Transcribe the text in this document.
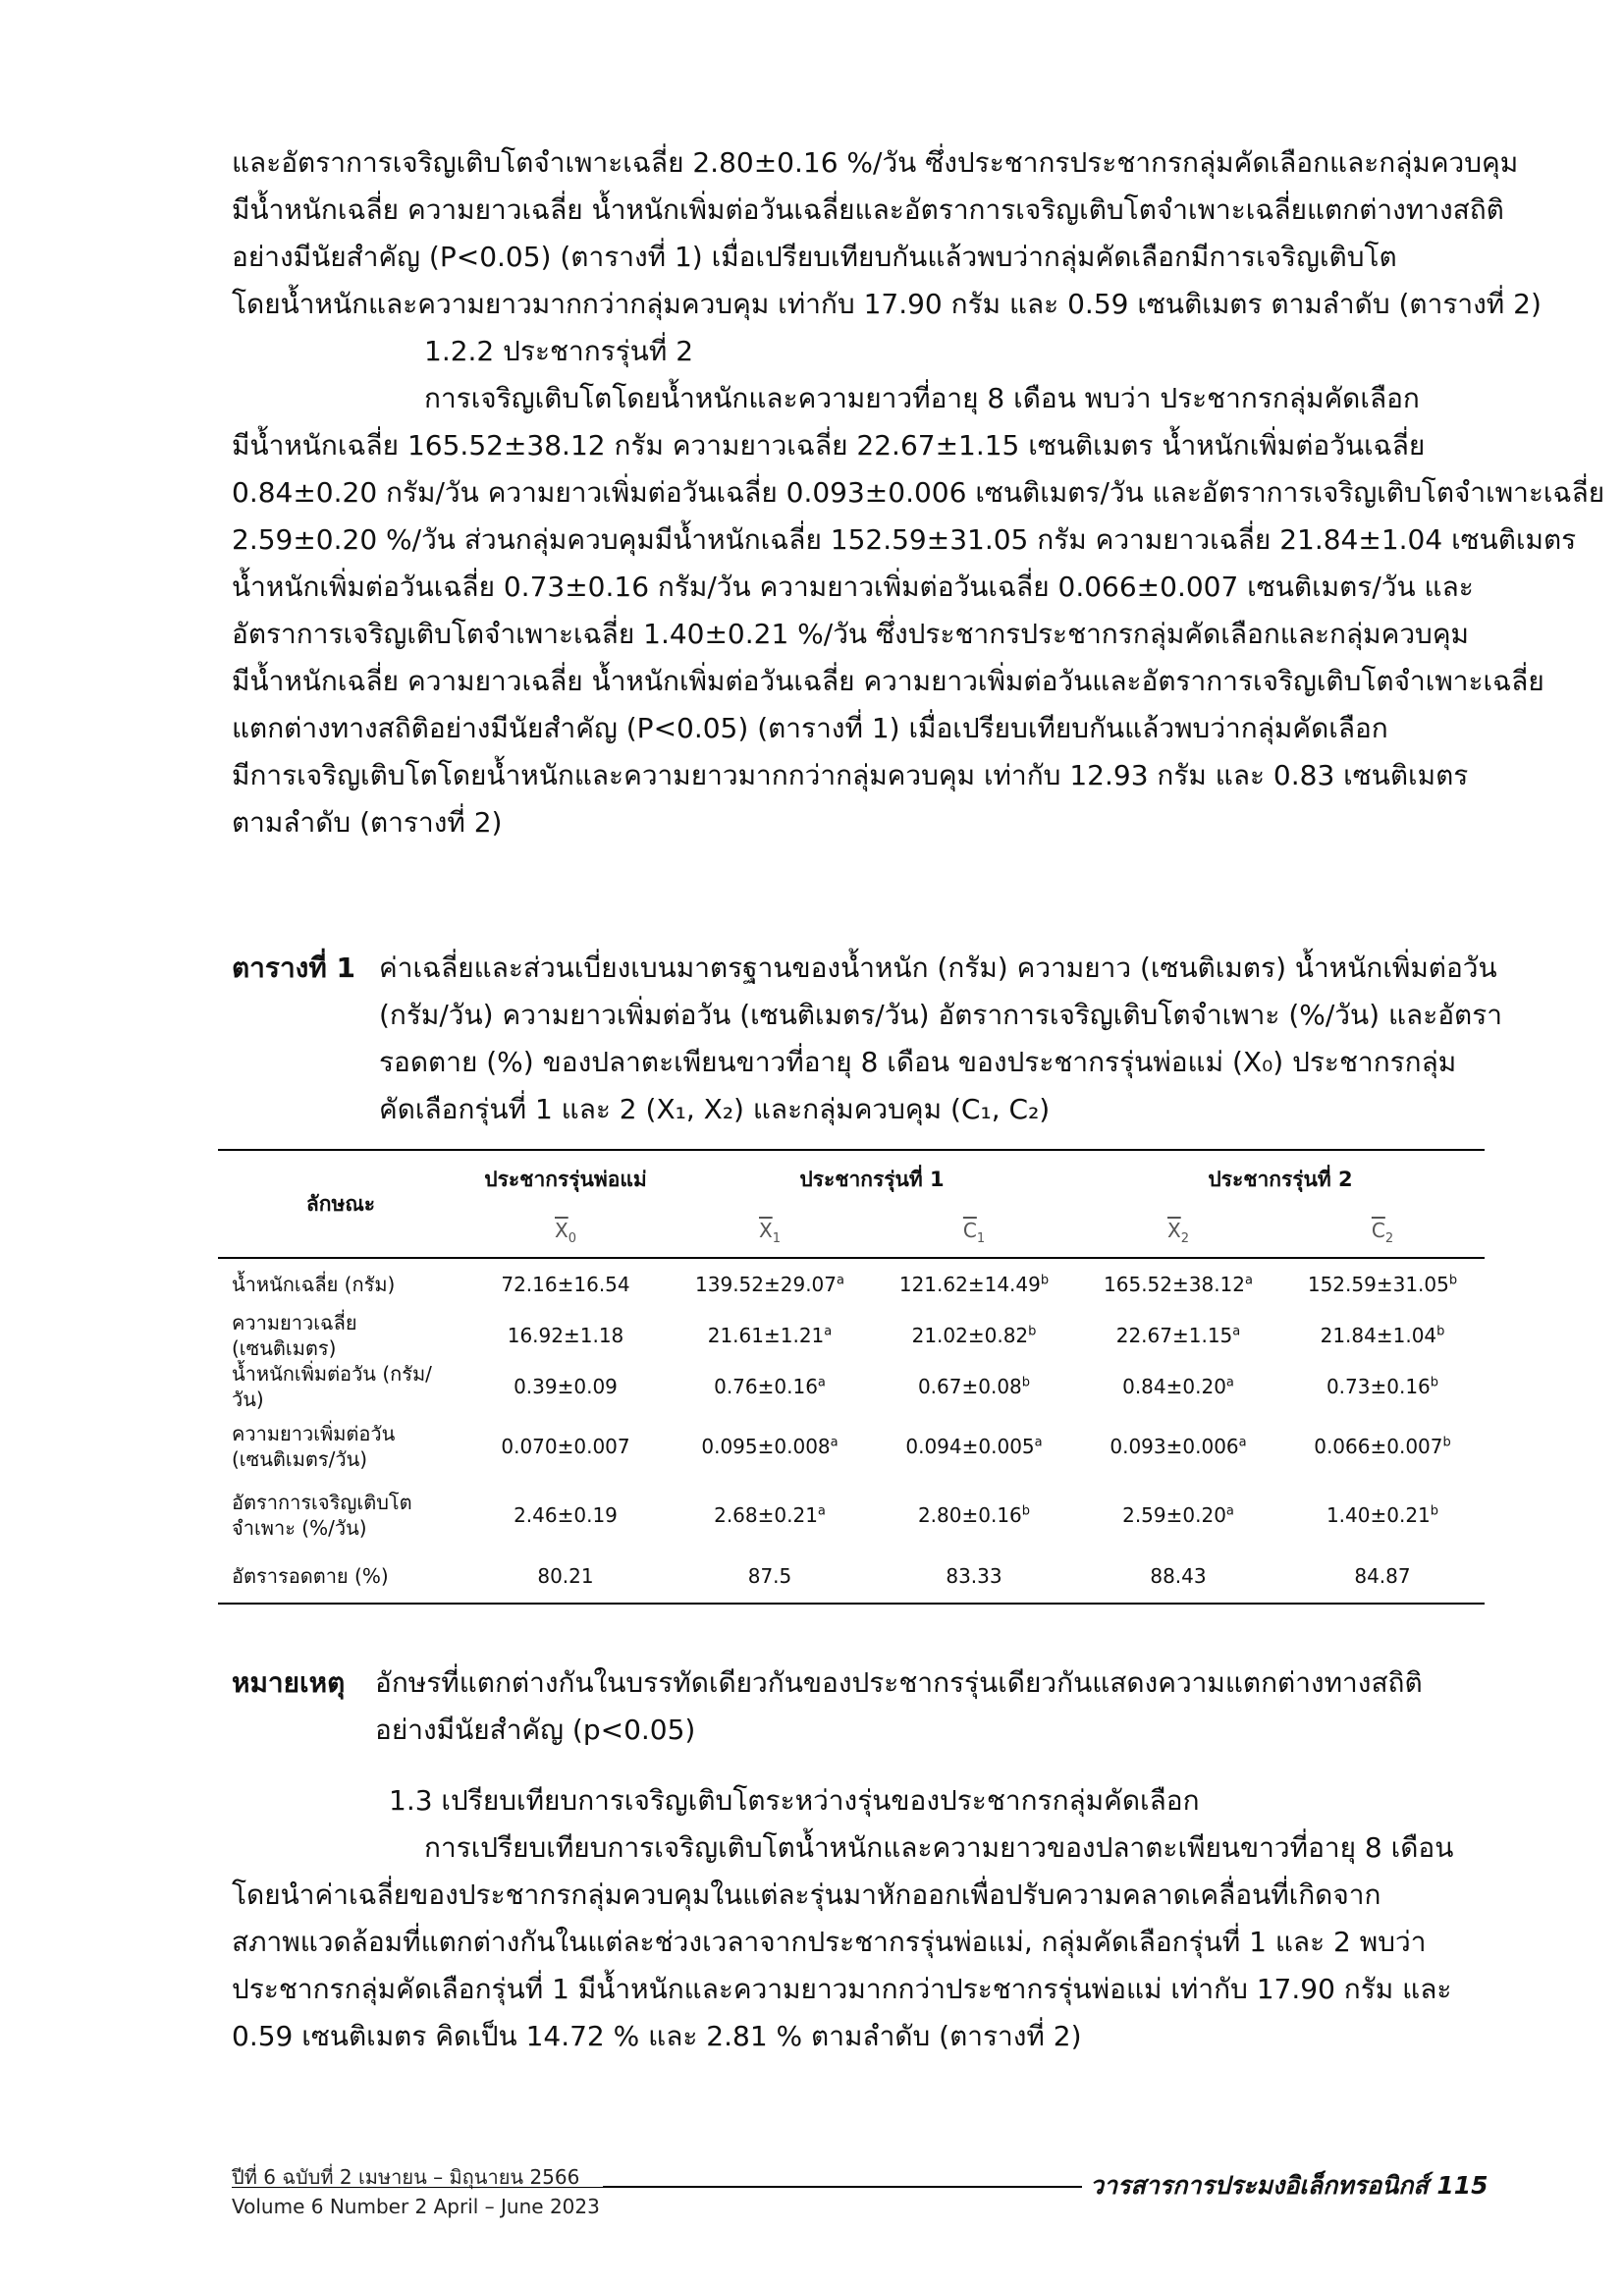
และอัตราการเจริญเติบโตจำเพาะเฉลี่ย 2.80±0.16 %/วัน ซึ่งประชากรประชากรกลุ่มคัดเลือกและกลุ่มควบคุม
มีน้ำหนักเฉลี่ย ความยาวเฉลี่ย น้ำหนักเพิ่มต่อวันเฉลี่ยและอัตราการเจริญเติบโตจำเพาะเฉลี่ยแตกต่างทางสถิติ
อย่างมีนัยสำคัญ (P<0.05) (ตารางที่ 1) เมื่อเปรียบเทียบกันแล้วพบว่ากลุ่มคัดเลือกมีการเจริญเติบโต
โดยน้ำหนักและความยาวมากกว่ากลุ่มควบคุม เท่ากับ 17.90 กรัม และ 0.59 เซนติเมตร ตามลำดับ (ตารางที่ 2)

1.2.2 ประชากรรุ่นที่ 2

การเจริญเติบโตโดยน้ำหนักและความยาวที่อายุ 8 เดือน พบว่า ประชากรกลุ่มคัดเลือก
มีน้ำหนักเฉลี่ย 165.52±38.12 กรัม ความยาวเฉลี่ย 22.67±1.15 เซนติเมตร น้ำหนักเพิ่มต่อวันเฉลี่ย
0.84±0.20 กรัม/วัน ความยาวเพิ่มต่อวันเฉลี่ย 0.093±0.006 เซนติเมตร/วัน และอัตราการเจริญเติบโตจำเพาะเฉลี่ย
2.59±0.20 %/วัน ส่วนกลุ่มควบคุมมีน้ำหนักเฉลี่ย 152.59±31.05 กรัม ความยาวเฉลี่ย 21.84±1.04 เซนติเมตร
น้ำหนักเพิ่มต่อวันเฉลี่ย 0.73±0.16 กรัม/วัน ความยาวเพิ่มต่อวันเฉลี่ย 0.066±0.007 เซนติเมตร/วัน และ
อัตราการเจริญเติบโตจำเพาะเฉลี่ย 1.40±0.21 %/วัน ซึ่งประชากรประชากรกลุ่มคัดเลือกและกลุ่มควบคุม
มีน้ำหนักเฉลี่ย ความยาวเฉลี่ย น้ำหนักเพิ่มต่อวันเฉลี่ย ความยาวเพิ่มต่อวันและอัตราการเจริญเติบโตจำเพาะเฉลี่ย
แตกต่างทางสถิติอย่างมีนัยสำคัญ (P<0.05) (ตารางที่ 1) เมื่อเปรียบเทียบกันแล้วพบว่ากลุ่มคัดเลือก
มีการเจริญเติบโตโดยน้ำหนักและความยาวมากกว่ากลุ่มควบคุม เท่ากับ 12.93 กรัม และ 0.83 เซนติเมตร
ตามลำดับ (ตารางที่ 2)

ตารางที่ 1 ค่าเฉลี่ยและส่วนเบี่ยงเบนมาตรฐานของน้ำหนัก (กรัม) ความยาว (เซนติเมตร) น้ำหนักเพิ่มต่อวัน
(กรัม/วัน) ความยาวเพิ่มต่อวัน (เซนติเมตร/วัน) อัตราการเจริญเติบโตจำเพาะ (%/วัน) และอัตรา
รอดตาย (%) ของปลาตะเพียนขาวที่อายุ 8 เดือน ของประชากรรุ่นพ่อแม่ (X₀) ประชากรกลุ่ม
คัดเลือกรุ่นที่ 1 และ 2 (X₁, X₂) และกลุ่มควบคุม (C₁, C₂)
ลักษณะ	ประชากรรุ่นพ่อแม่	ประชากรรุ่นที่ 1		ประชากรรุ่นที่ 2	
	$\overline{X}_0$	$\overline{X}_1$	$\overline{C}_1$	$\overline{X}_2$	$\overline{C}_2$
น้ำหนักเฉลี่ย (กรัม)	72.16±16.54	139.52±29.07$^a$	121.62±14.49$^b$	165.52±38.12$^a$	152.59±31.05$^b$
ความยาวเฉลี่ย (เซนติเมตร)	16.92±1.18	21.61±1.21$^a$	21.02±0.82$^b$	22.67±1.15$^a$	21.84±1.04$^b$
น้ำหนักเพิ่มต่อวัน (กรัม/วัน)	0.39±0.09	0.76±0.16$^a$	0.67±0.08$^b$	0.84±0.20$^a$	0.73±0.16$^b$
ความยาวเพิ่มต่อวัน (เซนติเมตร/วัน)	0.070±0.007	0.095±0.008$^a$	0.094±0.005$^a$	0.093±0.006$^a$	0.066±0.007$^b$
อัตราการเจริญเติบโตจำเพาะ (%/วัน)	2.46±0.19	2.68±0.21$^a$	2.80±0.16$^b$	2.59±0.20$^a$	1.40±0.21$^b$
อัตรารอดตาย (%)	80.21	87.5	83.33	88.43	84.87
หมายเหตุ อักษรที่แตกต่างกันในบรรทัดเดียวกันของประชากรรุ่นเดียวกันแสดงความแตกต่างทางสถิติ
อย่างมีนัยสำคัญ (p<0.05)
1.3 เปรียบเทียบการเจริญเติบโตระหว่างรุ่นของประชากรกลุ่มคัดเลือก

การเปรียบเทียบการเจริญเติบโตน้ำหนักและความยาวของปลาตะเพียนขาวที่อายุ 8 เดือน
โดยนำค่าเฉลี่ยของประชากรกลุ่มควบคุมในแต่ละรุ่นมาหักออกเพื่อปรับความคลาดเคลื่อนที่เกิดจาก
สภาพแวดล้อมที่แตกต่างกันในแต่ละช่วงเวลาจากประชากรรุ่นพ่อแม่, กลุ่มคัดเลือกรุ่นที่ 1 และ 2 พบว่า
ประชากรกลุ่มคัดเลือกรุ่นที่ 1 มีน้ำหนักและความยาวมากกว่าประชากรรุ่นพ่อแม่ เท่ากับ 17.90 กรัม และ
0.59 เซนติเมตร คิดเป็น 14.72 % และ 2.81 % ตามลำดับ (ตารางที่ 2)

ปีที่ 6 ฉบับที่ 2 เมษายน – มิถุนายน 2566
Volume 6 Number 2 April – June 2023
วารสารการประมงอิเล็กทรอนิกส์ 115
